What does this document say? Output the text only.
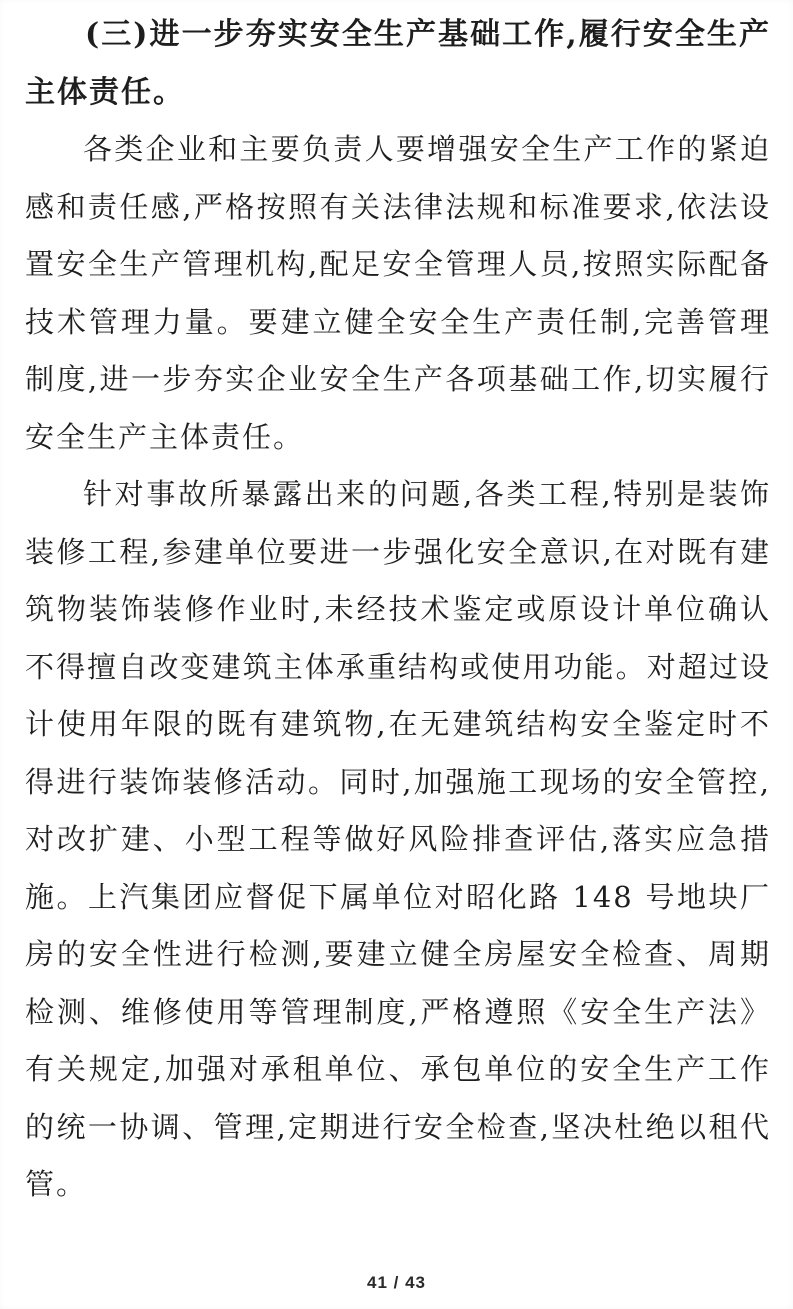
(三)进一步夯实安全生产基础工作,履行安全生产主体责任。

各类企业和主要负责人要增强安全生产工作的紧迫感和责任感,严格按照有关法律法规和标准要求,依法设置安全生产管理机构,配足安全管理人员,按照实际配备技术管理力量。要建立健全安全生产责任制,完善管理制度,进一步夯实企业安全生产各项基础工作,切实履行安全生产主体责任。

针对事故所暴露出来的问题,各类工程,特别是装饰装修工程,参建单位要进一步强化安全意识,在对既有建筑物装饰装修作业时,未经技术鉴定或原设计单位确认不得擅自改变建筑主体承重结构或使用功能。对超过设计使用年限的既有建筑物,在无建筑结构安全鉴定时不得进行装饰装修活动。同时,加强施工现场的安全管控,对改扩建、小型工程等做好风险排查评估,落实应急措施。上汽集团应督促下属单位对昭化路 148 号地块厂房的安全性进行检测,要建立健全房屋安全检查、周期检测、维修使用等管理制度,严格遵照《安全生产法》有关规定,加强对承租单位、承包单位的安全生产工作的统一协调、管理,定期进行安全检查,坚决杜绝以租代管。

41 / 43
